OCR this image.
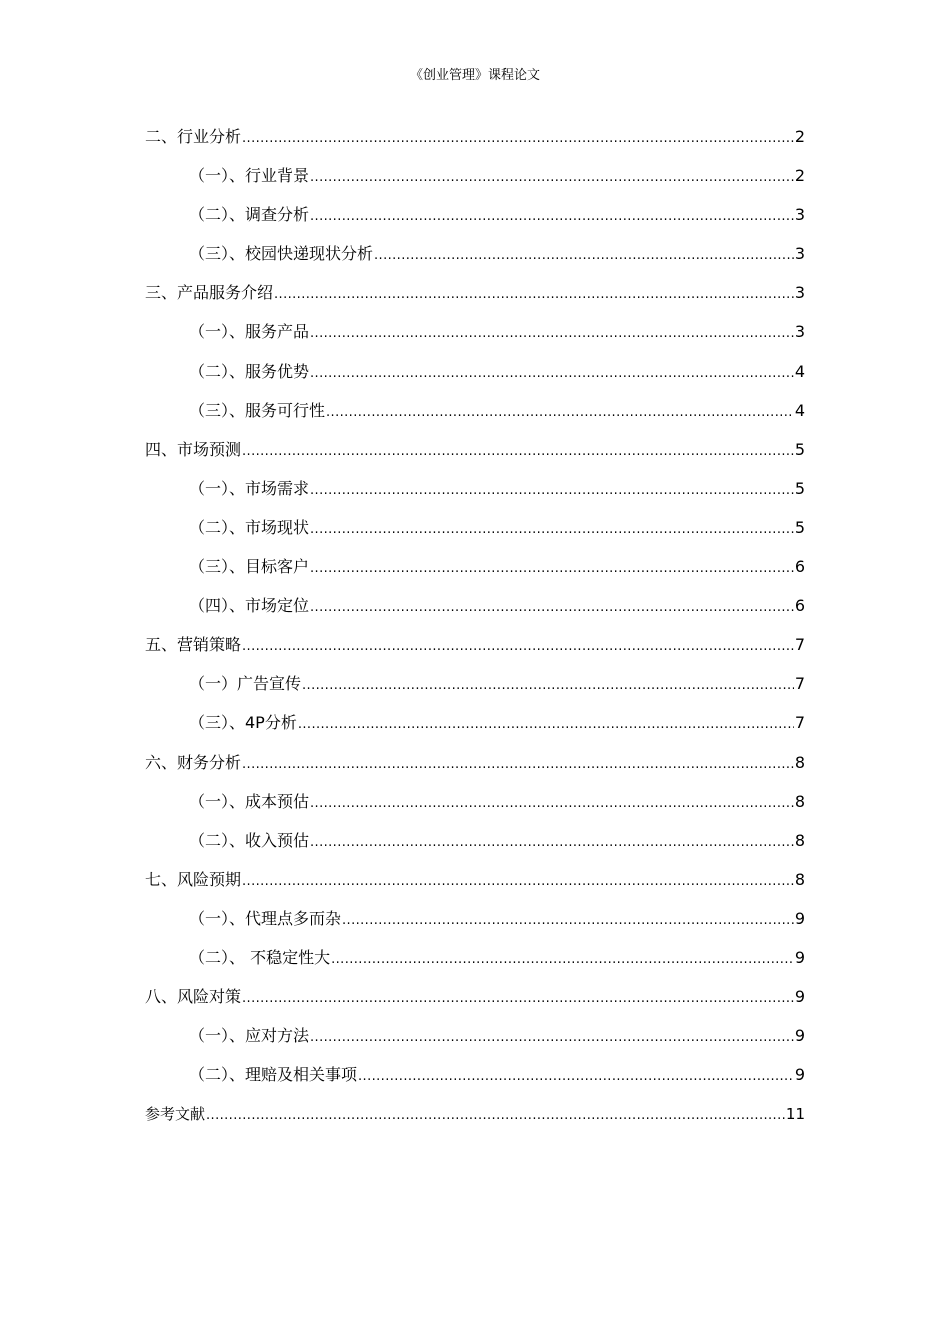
《创业管理》课程论文
二、行业分析 .....	2
（一）、行业背景 .....	2
（二）、调查分析 .....	3
（三）、校园快递现状分析 .....	3
三、产品服务介绍 .....	3
（一）、服务产品 .....	3
（二）、服务优势 .....	4
（三）、服务可行性 .....	4
四、市场预测 .....	5
（一）、市场需求 .....	5
（二）、市场现状 .....	5
（三）、目标客户 .....	6
（四）、市场定位 .....	6
五、营销策略 .....	7
（一）广告宣传 .....	7
（三）、4P分析 .....	7
六、财务分析 .....	8
（一）、成本预估 .....	8
（二）、收入预估 .....	8
七、风险预期 .....	8
（一）、代理点多而杂 .....	9
（二）、 不稳定性大 .....	9
八、风险对策 .....	9
（一）、应对方法 .....	9
（二）、理赔及相关事项 .....	9
参考文献 .....	11
